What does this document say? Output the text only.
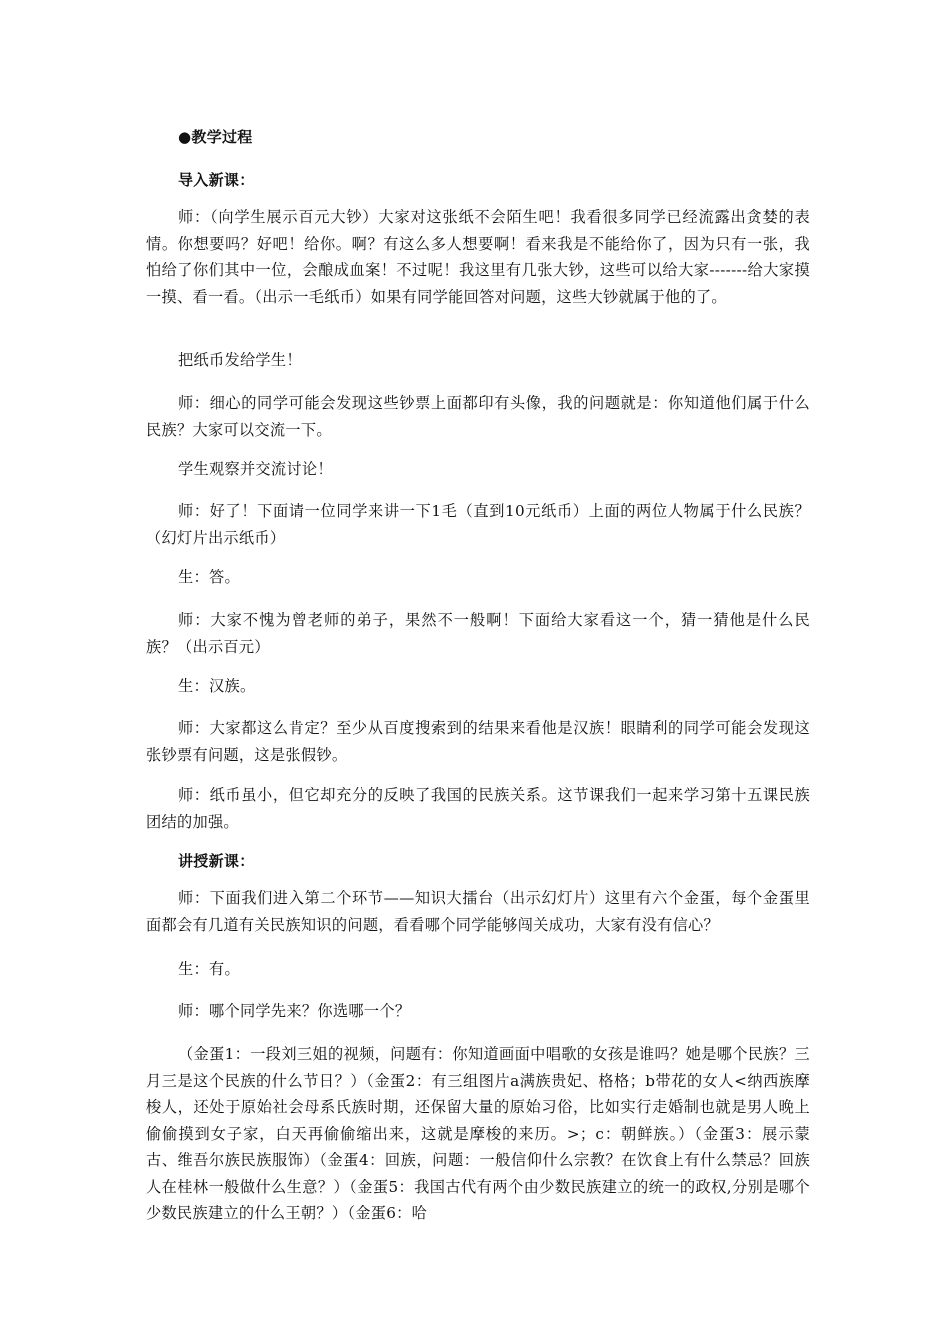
●教学过程
导入新课：

师：（向学生展示百元大钞）大家对这张纸不会陌生吧！我看很多同学已经流露出贪婪的表情。你想要吗？好吧！给你。啊？有这么多人想要啊！看来我是不能给你了，因为只有一张，我怕给了你们其中一位，会酿成血案！不过呢！我这里有几张大钞，这些可以给大家-------给大家摸一摸、看一看。（出示一毛纸币）如果有同学能回答对问题，这些大钞就属于他的了。

把纸币发给学生！

师：细心的同学可能会发现这些钞票上面都印有头像，我的问题就是：你知道他们属于什么民族？大家可以交流一下。

学生观察并交流讨论！

师：好了！下面请一位同学来讲一下1毛（直到10元纸币）上面的两位人物属于什么民族？（幻灯片出示纸币）

生：答。

师：大家不愧为曾老师的弟子，果然不一般啊！下面给大家看这一个，猜一猜他是什么民族？（出示百元）

生：汉族。

师：大家都这么肯定？至少从百度搜索到的结果来看他是汉族！眼睛利的同学可能会发现这张钞票有问题，这是张假钞。

师：纸币虽小，但它却充分的反映了我国的民族关系。这节课我们一起来学习第十五课民族团结的加强。

讲授新课：

师：下面我们进入第二个环节——知识大擂台（出示幻灯片）这里有六个金蛋，每个金蛋里面都会有几道有关民族知识的问题，看看哪个同学能够闯关成功，大家有没有信心？

生：有。

师：哪个同学先来？你选哪一个？

（金蛋1：一段刘三姐的视频，问题有：你知道画面中唱歌的女孩是谁吗？她是哪个民族？三月三是这个民族的什么节日？）（金蛋2：有三组图片a满族贵妃、格格；b带花的女人<纳西族摩梭人，还处于原始社会母系氏族时期，还保留大量的原始习俗，比如实行走婚制也就是男人晚上偷偷摸到女子家，白天再偷偷缩出来，这就是摩梭的来历。>；c：朝鲜族。）（金蛋3：展示蒙古、维吾尔族民族服饰）（金蛋4：回族，问题：一般信仰什么宗教？在饮食上有什么禁忌？回族人在桂林一般做什么生意？）（金蛋5：我国古代有两个由少数民族建立的统一的政权,分别是哪个少数民族建立的什么王朝？）（金蛋6：哈
